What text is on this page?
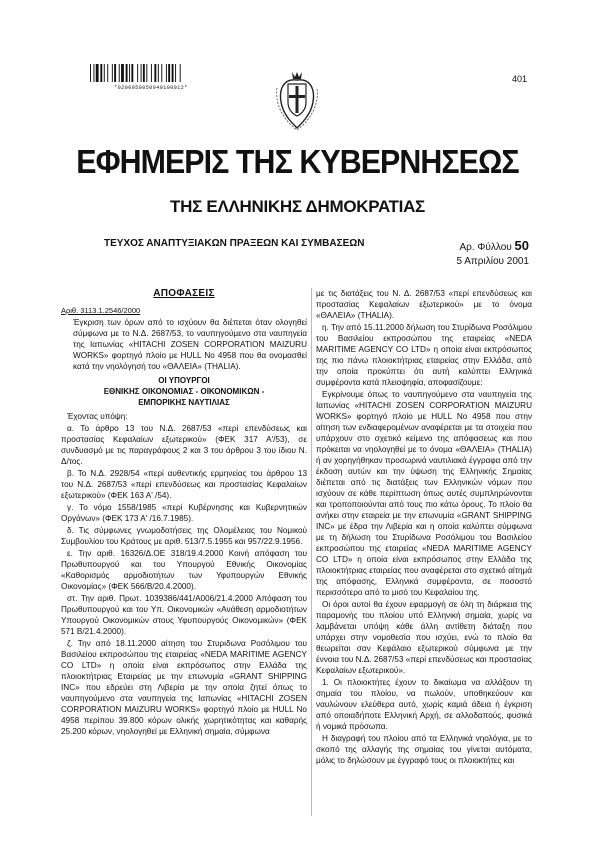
*0200050050040100012*
401
ΕΦΗΜΕΡΙΣ ΤΗΣ ΚΥΒΕΡΝΗΣΕΩΣ
ΤΗΣ ΕΛΛΗΝΙΚΗΣ ΔΗΜΟΚΡΑΤΙΑΣ
ΤΕΥΧΟΣ ΑΝΑΠΤΥΞΙΑΚΩΝ ΠΡΑΞΕΩΝ ΚΑΙ ΣΥΜΒΑΣΕΩΝ	Αρ. Φύλλου 50
5 Απριλίου 2001
ΑΠΟΦΑΣΕΙΣ
Αριθ. 3113.1.2546/2000

Έγκριση των όρων από το ισχύουν θα διέπεται όταν ολογηθεί σύμφωνα με το Ν.Δ. 2687/53, το ναυπηγούμενο στα ναυπηγεία της Ιαπωνίας «HITACHI ZOSEN CORPORATION MAIZURU WORKS» φορτηγό πλοίο με HULL No 4958 που θα ονομασθεί κατά την νηολόγησή του «ΘΑΛΕΙΑ» (THALIA).

ΟΙ ΥΠΟΥΡΓΟΙ
ΕΘΝΙΚΗΣ ΟΙΚΟΝΟΜΙΑΣ - ΟΙΚΟΝΟΜΙΚΩΝ -
ΕΜΠΟΡΙΚΗΣ ΝΑΥΤΙΛΙΑΣ

Έχοντας υπόψη:

α. Το άρθρο 13 του Ν.Δ. 2687/53 «περί επενδύσεως και προστασίας Κεφαλαίων εξωτερικού» (ΦΕΚ 317 Α'/53), σε συνδυασμό με τις παραγράφους 2 και 3 του άρθρου 3 του ίδιου Ν. Δ/τος.

β. Το Ν.Δ. 2928/54 «περί αυθεντικής ερμηνείας του άρθρου 13 του Ν.Δ. 2687/53 «περί επενδύσεως και προστασίας Κεφαλαίων εξωτερικού» (ΦΕΚ 163 Α' /54).

γ. Το νόμο 1558/1985 «περί Κυβέρνησης και Κυβερνητικών Οργάνων» (ΦΕΚ 173 Α' /16.7.1985).

δ. Τις σύμφωνες γνωμοδοτήσεις της Ολομέλειας του Νομικού Συμβουλίου του Κράτους με αριθ. 513/7.5.1955 και 957/22.9.1956.

ε. Την αριθ. 16326/Δ.ΟΕ 318/19.4.2000 Κοινή απόφαση του Πρωθυπουργού και του Υπουργού Εθνικής Οικονομίας «Καθορισμός αρμοδιοτήτων των Υφυπουργών Εθνικής Οικονομίας» (ΦΕΚ 566/Β/20.4.2000).

στ. Την αριθ. Πρωτ. 1039386/441/Α006/21.4.2000 Απόφαση του Πρωθυπουργού και του Υπ. Οικονομικών «Ανάθεση αρμοδιοτήτων Υπουργού Οικονομικών στους Υφυπουργούς Οικονομικών» (ΦΕΚ 571 Β/21.4.2000).

ζ. Την από 18.11.2000 αίτηση του Στυριδωνα Ροσόλιμου του Βασιλείου εκπροσώπου της εταιρείας «NEDA MARITIME AGENCY CO LTD» η οποία είναι εκπρόσωπος στην Ελλάδα της πλοιοκτήτριας Εταιρείας με την επωνυμία «GRANT SHIPPING INC» που εδρεύει στη Λιβερία με την οποία ζητεί όπως το ναυπηγούμενο στα ναυπηγεία της Ιαπωνίας «HITACHI ZOSEN CORPORATION MAIZURU WORKS» φορτηγό πλοίο με HULL No 4958 περίπου 39.800 κόρων ολικής χωρητικότητας και καθαρής 25.200 κόρων, νηολογηθεί με Ελληνική σημαία, σύμφωνα

με τις διατάξεις του Ν. Δ. 2687/53 «περί επενδύσεως και προστασίας Κεφαλαίων εξωτερικού» με το όνομα «ΘΑΛΕΙΑ» (THALIA).

η. Την από 15.11.2000 δήλωση του Στυρίδωνα Ροσόλιμου του Βασιλείου εκπροσώπου της εταιρείας «NEDA MARITIME AGENCY CO LTD» η οποία είναι εκπρόσωπος της πιο πάνω πλοιοκτήτριας εταιρείας στην Ελλάδα, από την οποία προκύπτει ότι αυτή καλύπτει Ελληνικά συμφέροντα κατά πλειοψηφία, αποφασίζουμε:

Εγκρίνουμε όπως το ναυπηγούμενο στα ναυπηγεία της Ιαπωνίας «HITACHI ZOSEN CORPORATION MAIZURU WORKS» φορτηγό πλοίο με HULL No 4958 που στην αίτηση των ενδιαφερομένων αναφέρεται με τα στοιχεία που υπάρχουν στο σχετικό κείμενο της απόφασεως και που πρόκειται να νηολογηθεί με το όνομα «ΘΑΛΕΙΑ» (THALIA) ή αν χορηγήθηκαν προσωρινά ναυτιλιακά έγγραφα από την έκδοση αυτών και την ύψωση της Ελληνικής Σημαίας διέπεται από τις διατάξεις των Ελληνικών νόμων που ισχύουν σε κάθε περίπτωση όπως αυτές συμπληρώνονται και τροποποιούνται από τους πιο κάτω όρους. Το πλοίο θα ανήκει στην εταιρεία με την επωνυμία «GRANT SHIPPING INC» με έδρα την Λιβερία και η οποία καλύπτει σύμφωνα με τη δήλωση του Στυρίδωνα Ροσόλιμου του Βασιλείου εκπροσώπου της εταιρείας «NEDA MARITIME AGENCY CO LTD» η οποία είναι εκπρόσωπος στην Ελλάδα της πλοιοκτήτριας εταιρείας που αναφέρεται στο σχετικό αίτημά της απόφασης, Ελληνικά συμφέροντα, σε ποσοστό περισσότερο από το μισό του Κεφαλαίου της.

Οι όροι αυτοί θα έχουν εφαρμογή σε όλη τη διάρκεια της παραμονής του πλοίου υπό Ελληνική σημαία, χωρίς να λαμβάνεται υπόψη κάθε άλλη αντίθετη διάταξη που υπάρχει στην νομοθεσία που ισχύει, ενώ το πλοίο θα θεωρείται σαν Κεφάλαιο εξωτερικού σύμφωνα με την έννοια του Ν.Δ. 2687/53 «περί επενδύσεως και προστασίας Κεφαλαίων εξωτερικού».

1. Οι πλοιοκτήτες έχουν το δικαίωμα να αλλάξουν τη σημαία του πλοίου, να πωλούν, υποθηκεύουν και ναυλώνουν ελεύθερα αυτό, χωρίς καμιά άδεια ή έγκριση από οποιαδήποτε Ελληνική Αρχή, σε αλλοδαπούς, φυσικά ή νομικά πρόσωπα.

Η διαγραφή του πλοίου από τα Ελληνικά νηολόγια, με το σκοπό της αλλαγής της σημαίας του γίνεται αυτόματα, μόλις το δηλώσουν με έγγραφό τους οι πλοιοκτήτες και
